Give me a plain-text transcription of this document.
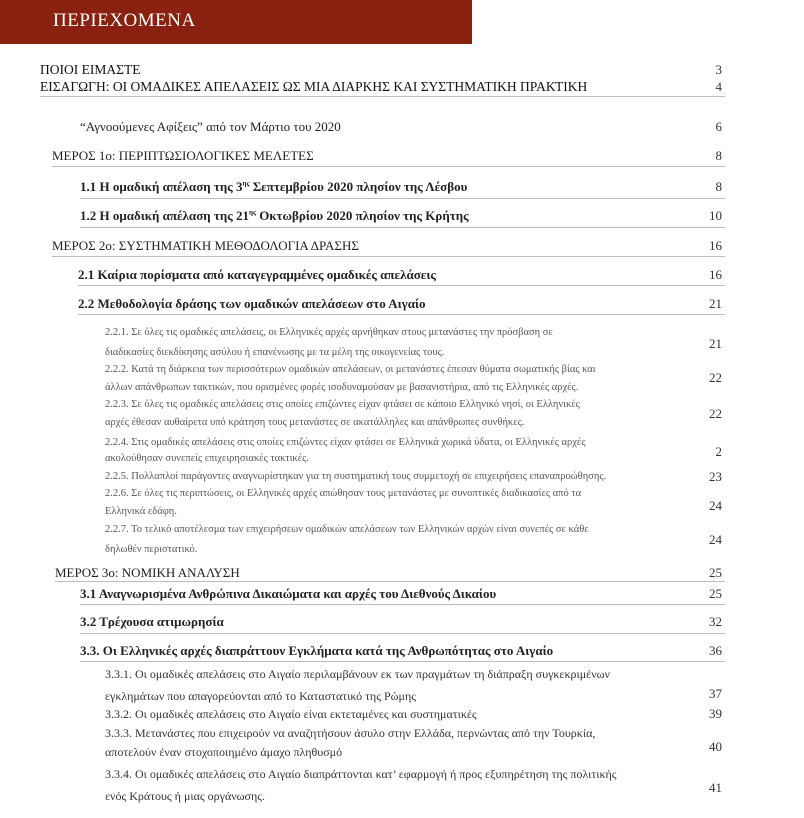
ΠΕΡΙΕΧΟΜΕΝΑ
ΠΟΙΟΙ ΕΙΜΑΣΤΕ	3
ΕΙΣΑΓΩΓΗ: ΟΙ ΟΜΑΔΙΚΕΣ ΑΠΕΛΑΣΕΙΣ ΩΣ ΜΙΑ ΔΙΑΡΚΗΣ ΚΑΙ ΣΥΣΤΗΜΑΤΙΚΗ ΠΡΑΚΤΙΚΗ	4
“Αγνοούμενες Αφίξεις” από τον Μάρτιο του 2020	6
ΜΕΡΟΣ 1ο: ΠΕΡΙΠΤΩΣΙΟΛΟΓΙΚΕΣ ΜΕΛΕΤΕΣ	8
1.1 Η ομαδική απέλαση της $3^{\eta\varsigma}$ Σεπτεμβρίου 2020 πλησίον της Λέσβου	8
1.2 Η ομαδική απέλαση της $21^{\eta\varsigma}$ Οκτωβρίου 2020 πλησίον της Κρήτης	10
ΜΕΡΟΣ 2ο: ΣΥΣΤΗΜΑΤΙΚΗ ΜΕΘΟΔΟΛΟΓΙΑ ΔΡΑΣΗΣ	16
2.1 Καίρια πορίσματα από καταγεγραμμένες ομαδικές απελάσεις	16
2.2 Μεθοδολογία δράσης των ομαδικών απελάσεων στο Αιγαίο	21
2.2.1. Σε όλες τις ομαδικές απελάσεις, οι Ελληνικές αρχές αρνήθηκαν στους μετανάστες την πρόσβαση σε
διαδικασίες διεκδίκησης ασύλου ή επανένωσης με τα μέλη της οικογενείας τους.
21
2.2.2. Κατά τη διάρκεια των περισσότερων ομαδικών απελάσεων, οι μετανάστες έπεσαν θύματα σωματικής βίας και
άλλων απάνθρωπων τακτικών, που ορισμένες φορές ισοδυναμούσαν με βασανιστήρια, από τις Ελληνικές αρχές.
22
2.2.3. Σε όλες τις ομαδικές απελάσεις στις οποίες επιζώντες είχαν φτάσει σε κάποιο Ελληνικό νησί, οι Ελληνικές
αρχές έθεσαν αυθαίρετα υπό κράτηση τους μετανάστες σε ακατάλληλες και απάνθρωπες συνθήκες.
22
2.2.4. Στις ομαδικές απελάσεις στις οποίες επιζώντες είχαν φτάσει σε Ελληνικά χωρικά ύδατα, οι Ελληνικές αρχές
ακολούθησαν συνεπείς επιχειρησιακές τακτικές.	2
2.2.5. Πολλαπλοί παράγοντες αναγνωρίστηκαν για τη συστηματική τους συμμετοχή σε επιχειρήσεις επαναπροώθησης.	23
2.2.6. Σε όλες τις περιπτώσεις, οι Ελληνικές αρχές απώθησαν τους μετανάστες με συνοπτικές διαδικασίες από τα
Ελληνικά εδάφη.	24
2.2.7. Το τελικό αποτέλεσμα των επιχειρήσεων ομαδικών απελάσεων των Ελληνικών αρχών είναι συνεπές σε κάθε
δηλωθέν περιστατικό.
24
ΜΕΡΟΣ 3ο: ΝΟΜΙΚΗ ΑΝΑΛΥΣΗ	25
3.1 Αναγνωρισμένα Ανθρώπινα Δικαιώματα και αρχές του Διεθνούς Δικαίου	25
3.2 Τρέχουσα ατιμωρησία	32
3.3. Οι Ελληνικές αρχές διαπράττουν Εγκλήματα κατά της Ανθρωπότητας στο Αιγαίο	36
3.3.1. Οι ομαδικές απελάσεις στο Αιγαίο περιλαμβάνουν εκ των πραγμάτων τη διάπραξη συγκεκριμένων
εγκλημάτων που απαγορεύονται από το Καταστατικό της Ρώμης	37
3.3.2. Οι ομαδικές απελάσεις στο Αιγαίο είναι εκτεταμένες και συστηματικές	39
3.3.3. Μετανάστες που επιχειρούν να αναζητήσουν άσυλο στην Ελλάδα, περνώντας από την Τουρκία,
αποτελούν έναν στοχοποιημένο άμαχο πληθυσμό	40
3.3.4. Οι ομαδικές απελάσεις στο Αιγαίο διαπράττονται κατ’ εφαρμογή ή προς εξυπηρέτηση της πολιτικής
ενός Κράτους ή μιας οργάνωσης.
41
